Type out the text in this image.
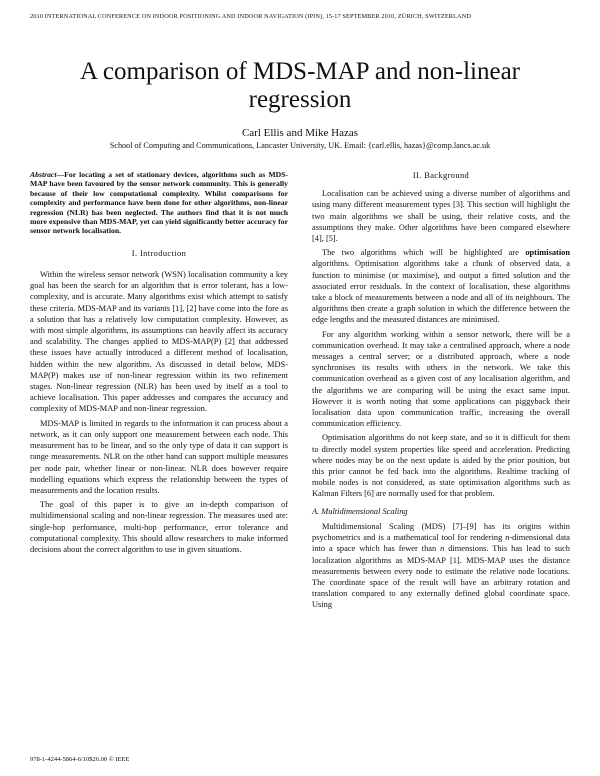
2010 INTERNATIONAL CONFERENCE ON INDOOR POSITIONING AND INDOOR NAVIGATION (IPIN), 15-17 SEPTEMBER 2010, ZÜRICH, SWITZERLAND
A comparison of MDS-MAP and non-linear regression
Carl Ellis and Mike Hazas
School of Computing and Communications, Lancaster University, UK. Email: {carl.ellis, hazas}@comp.lancs.ac.uk
Abstract—For locating a set of stationary devices, algorithms such as MDS-MAP have been favoured by the sensor network community. This is generally because of their low computational complexity. Whilst comparisons for complexity and performance have been done for other algorithms, non-linear regression (NLR) has been neglected. The authors find that it is not much more expensive than MDS-MAP, yet can yield significantly better accuracy for sensor network localisation.
I. Introduction

Within the wireless sensor network (WSN) localisation community a key goal has been the search for an algorithm that is error tolerant, has a low-complexity, and is accurate. Many algorithms exist which attempt to satisfy these criteria. MDS-MAP and its variants [1], [2] have come into the fore as a solution that has a relatively low computation complexity. However, as with most simple algorithms, its assumptions can heavily affect its accuracy and scalability. The changes applied to MDS-MAP(P) [2] that addressed these issues have actually introduced a different method of localisation, hidden within the new algorithm. As discussed in detail below, MDS-MAP(P) makes use of non-linear regression within its two refinement stages. Non-linear regression (NLR) has been used by itself as a tool to achieve localisation. This paper addresses and compares the accuracy and complexity of MDS-MAP and non-linear regression.

MDS-MAP is limited in regards to the information it can process about a network, as it can only support one measurement between each node. This measurement has to be linear, and so the only type of data it can support is range measurements. NLR on the other hand can support multiple measures per node pair, whether linear or non-linear. NLR does however require modelling equations which express the relationship between the types of measurements and the location results.

The goal of this paper is to give an in-depth comparison of multidimensional scaling and non-linear regression. The measures used are: single-hop performance, multi-hop performance, error tolerance and computational complexity. This should allow researchers to make informed decisions about the correct algorithm to use in given situations.

978-1-4244-5864-6/10$26.00 © IEEE
II. Background

Localisation can be achieved using a diverse number of algorithms and using many different measurement types [3]. This section will highlight the two main algorithms we shall be using, their relative costs, and the assumptions they make. Other algorithms have been compared elsewhere [4], [5].

The two algorithms which will be highlighted are optimisation algorithms. Optimisation algorithms take a chunk of observed data, a function to minimise (or maximise), and output a fitted solution and the associated error residuals. In the context of localisation, these algorithms take a block of measurements between a node and all of its neighbours. The algorithms then create a graph solution in which the difference between the edge lengths and the measured distances are minimised.

For any algorithm working within a sensor network, there will be a communication overhead. It may take a centralised approach, where a node messages a central server; or a distributed approach, where a node synchronises its results with others in the network. We take this communication overhead as a given cost of any localisation algorithm, and the algorithms we are comparing will be using the exact same input. However it is worth noting that some applications can piggyback their localisation data upon communication traffic, increasing the overall communication efficiency.

Optimisation algorithms do not keep state, and so it is difficult for them to directly model system properties like speed and acceleration. Predicting where nodes may be on the next update is aided by the prior position, but this prior cannot be fed back into the algorithms. Realtime tracking of mobile nodes is not considered, as state optimisation algorithms such as Kalman Filters [6] are normally used for that problem.

A. Multidimensional Scaling

Multidimensional Scaling (MDS) [7]–[9] has its origins within psychometrics and is a mathematical tool for rendering n-dimensional data into a space which has fewer than n dimensions. This has lead to such localization algorithms as MDS-MAP [1]. MDS-MAP uses the distance measurements between every node to estimate the relative node locations. The coordinate space of the result will have an arbitrary rotation and translation compared to any externally defined global coordinate space. Using
